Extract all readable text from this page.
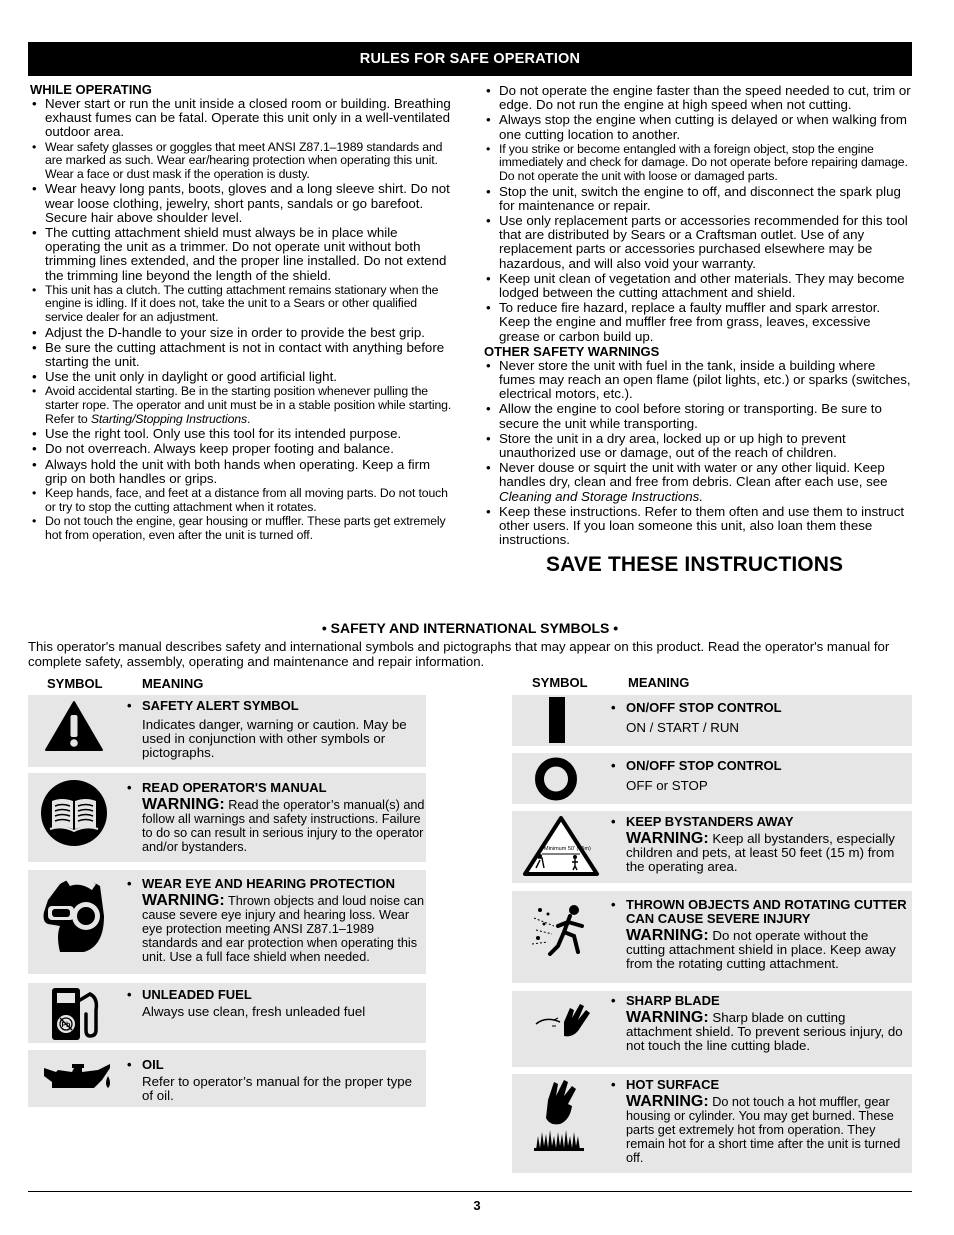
RULES FOR SAFE OPERATION
WHILE OPERATING
• Never start or run the unit inside a closed room or building. Breathing exhaust fumes can be fatal. Operate this unit only in a well-ventilated outdoor area.
• Wear safety glasses or goggles that meet ANSI Z87.1–1989 standards and are marked as such. Wear ear/hearing protection when operating this unit. Wear a face or dust mask if the operation is dusty.
• Wear heavy long pants, boots, gloves and a long sleeve shirt. Do not wear loose clothing, jewelry, short pants, sandals or go barefoot. Secure hair above shoulder level.
• The cutting attachment shield must always be in place while operating the unit as a trimmer. Do not operate unit without both trimming lines extended, and the proper line installed. Do not extend the trimming line beyond the length of the shield.
• This unit has a clutch. The cutting attachment remains stationary when the engine is idling. If it does not, take the unit to a Sears or other qualified service dealer for an adjustment.
• Adjust the D-handle to your size in order to provide the best grip.
• Be sure the cutting attachment is not in contact with anything before starting the unit.
• Use the unit only in daylight or good artificial light.
• Avoid accidental starting. Be in the starting position whenever pulling the starter rope. The operator and unit must be in a stable position while starting. Refer to Starting/Stopping Instructions.
• Use the right tool. Only use this tool for its intended purpose.
• Do not overreach. Always keep proper footing and balance.
• Always hold the unit with both hands when operating. Keep a firm grip on both handles or grips.
• Keep hands, face, and feet at a distance from all moving parts. Do not touch or try to stop the cutting attachment when it rotates.
• Do not touch the engine, gear housing or muffler. These parts get extremely hot from operation, even after the unit is turned off.
• Do not operate the engine faster than the speed needed to cut, trim or edge. Do not run the engine at high speed when not cutting.
• Always stop the engine when cutting is delayed or when walking from one cutting location to another.
• If you strike or become entangled with a foreign object, stop the engine immediately and check for damage. Do not operate before repairing damage. Do not operate the unit with loose or damaged parts.
• Stop the unit, switch the engine to off, and disconnect the spark plug for maintenance or repair.
• Use only replacement parts or accessories recommended for this tool that are distributed by Sears or a Craftsman outlet. Use of any replacement parts or accessories purchased elsewhere may be hazardous, and will also void your warranty.
• Keep unit clean of vegetation and other materials. They may become lodged between the cutting attachment and shield.
• To reduce fire hazard, replace a faulty muffler and spark arrestor. Keep the engine and muffler free from grass, leaves, excessive grease or carbon build up.
OTHER SAFETY WARNINGS
• Never store the unit with fuel in the tank, inside a building where fumes may reach an open flame (pilot lights, etc.) or sparks (switches, electrical motors, etc.).
• Allow the engine to cool before storing or transporting. Be sure to secure the unit while transporting.
• Store the unit in a dry area, locked up or up high to prevent unauthorized use or damage, out of the reach of children.
• Never douse or squirt the unit with water or any other liquid. Keep handles dry, clean and free from debris. Clean after each use, see Cleaning and Storage Instructions.
• Keep these instructions. Refer to them often and use them to instruct other users. If you loan someone this unit, also loan them these instructions.
SAVE THESE INSTRUCTIONS
• SAFETY AND INTERNATIONAL SYMBOLS •
This operator's manual describes safety and international symbols and pictographs that may appear on this product. Read the operator's manual for complete safety, assembly, operating and maintenance and repair information.
SYMBOL	MEANING	SYMBOL	MEANING
• SAFETY ALERT SYMBOL
Indicates danger, warning or caution. May be used in conjunction with other symbols or pictographs.
• READ OPERATOR'S MANUAL
WARNING: Read the operator’s manual(s) and follow all warnings and safety instructions. Failure to do so can result in serious injury to the operator and/or bystanders.
• WEAR EYE AND HEARING PROTECTION
WARNING: Thrown objects and loud noise can cause severe eye injury and hearing loss. Wear eye protection meeting ANSI Z87.1–1989 standards and ear protection when operating this unit. Use a full face shield when needed.
Pb
• UNLEADED FUEL
Always use clean, fresh unleaded fuel
• OIL
Refer to operator’s manual for the proper type of oil.
• ON/OFF STOP CONTROL
ON / START / RUN
• ON/OFF STOP CONTROL
OFF or STOP
Minimum 50' (15m)
• KEEP BYSTANDERS AWAY
WARNING: Keep all bystanders, especially children and pets, at least 50 feet (15 m) from the operating area.
• THROWN OBJECTS AND ROTATING CUTTER CAN CAUSE SEVERE INJURY
WARNING: Do not operate without the cutting attachment shield in place. Keep away from the rotating cutting attachment.
• SHARP BLADE
WARNING: Sharp blade on cutting attachment shield. To prevent serious injury, do not touch the line cutting blade.
• HOT SURFACE
WARNING: Do not touch a hot muffler, gear housing or cylinder. You may get burned. These parts get extremely hot from operation. They remain hot for a short time after the unit is turned off.
3
